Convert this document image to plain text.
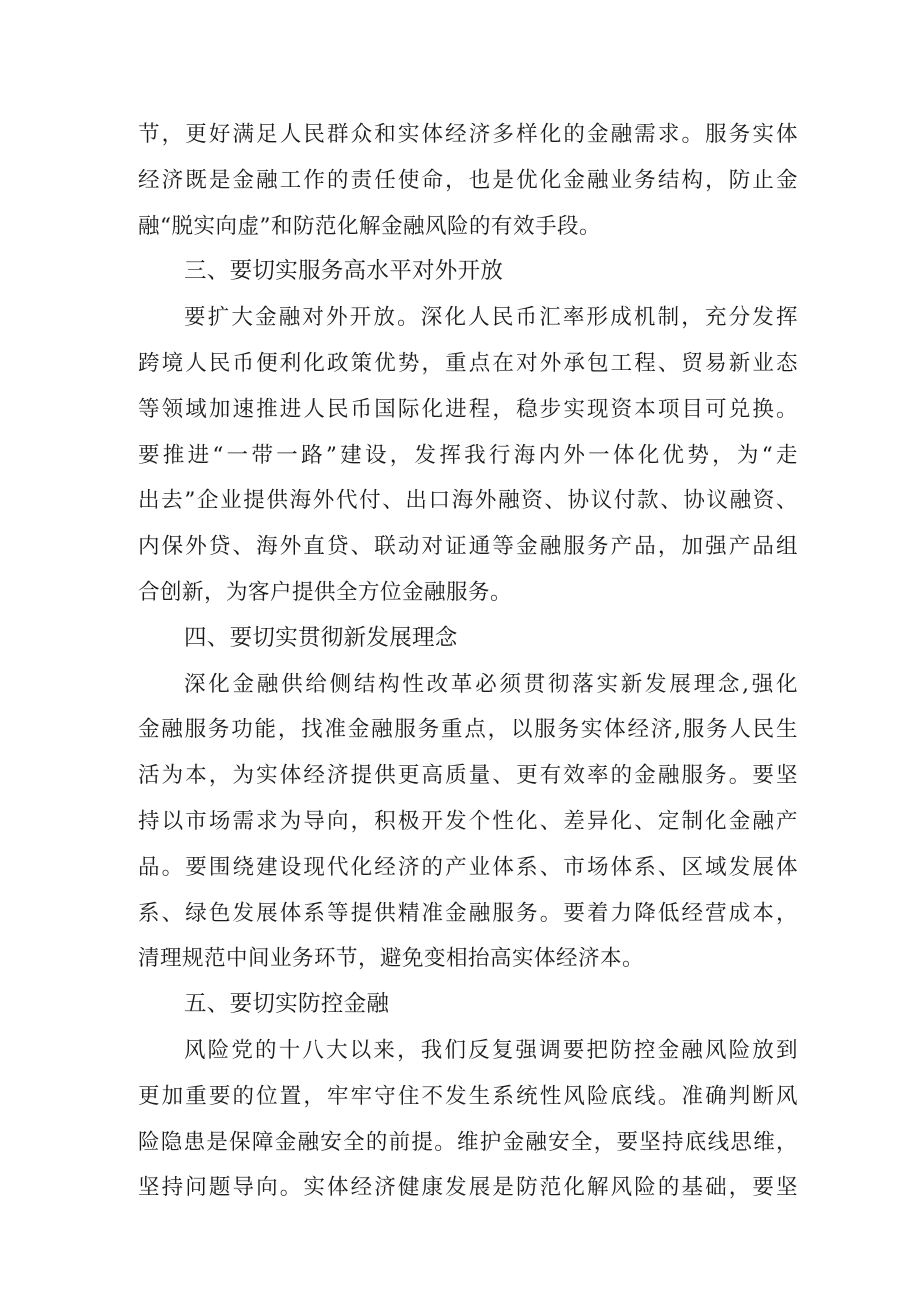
节，更好满足人民群众和实体经济多样化的金融需求。服务实体
经济既是金融工作的责任使命，也是优化金融业务结构，防止金
融“脱实向虚”和防范化解金融风险的有效手段。
三、要切实服务高水平对外开放
要扩大金融对外开放。深化人民币汇率形成机制，充分发挥
跨境人民币便利化政策优势，重点在对外承包工程、贸易新业态
等领域加速推进人民币国际化进程，稳步实现资本项目可兑换。
要推进“一带一路”建设，发挥我行海内外一体化优势，为“走
出去”企业提供海外代付、出口海外融资、协议付款、协议融资、
内保外贷、海外直贷、联动对证通等金融服务产品，加强产品组
合创新，为客户提供全方位金融服务。
四、要切实贯彻新发展理念
深化金融供给侧结构性改革必须贯彻落实新发展理念,强化
金融服务功能，找准金融服务重点，以服务实体经济,服务人民生
活为本，为实体经济提供更高质量、更有效率的金融服务。要坚
持以市场需求为导向，积极开发个性化、差异化、定制化金融产
品。要围绕建设现代化经济的产业体系、市场体系、区域发展体
系、绿色发展体系等提供精准金融服务。要着力降低经营成本，
清理规范中间业务环节，避免变相抬高实体经济本。
五、要切实防控金融
风险党的十八大以来，我们反复强调要把防控金融风险放到
更加重要的位置，牢牢守住不发生系统性风险底线。准确判断风
险隐患是保障金融安全的前提。维护金融安全，要坚持底线思维，
坚持问题导向。实体经济健康发展是防范化解风险的基础，要坚
